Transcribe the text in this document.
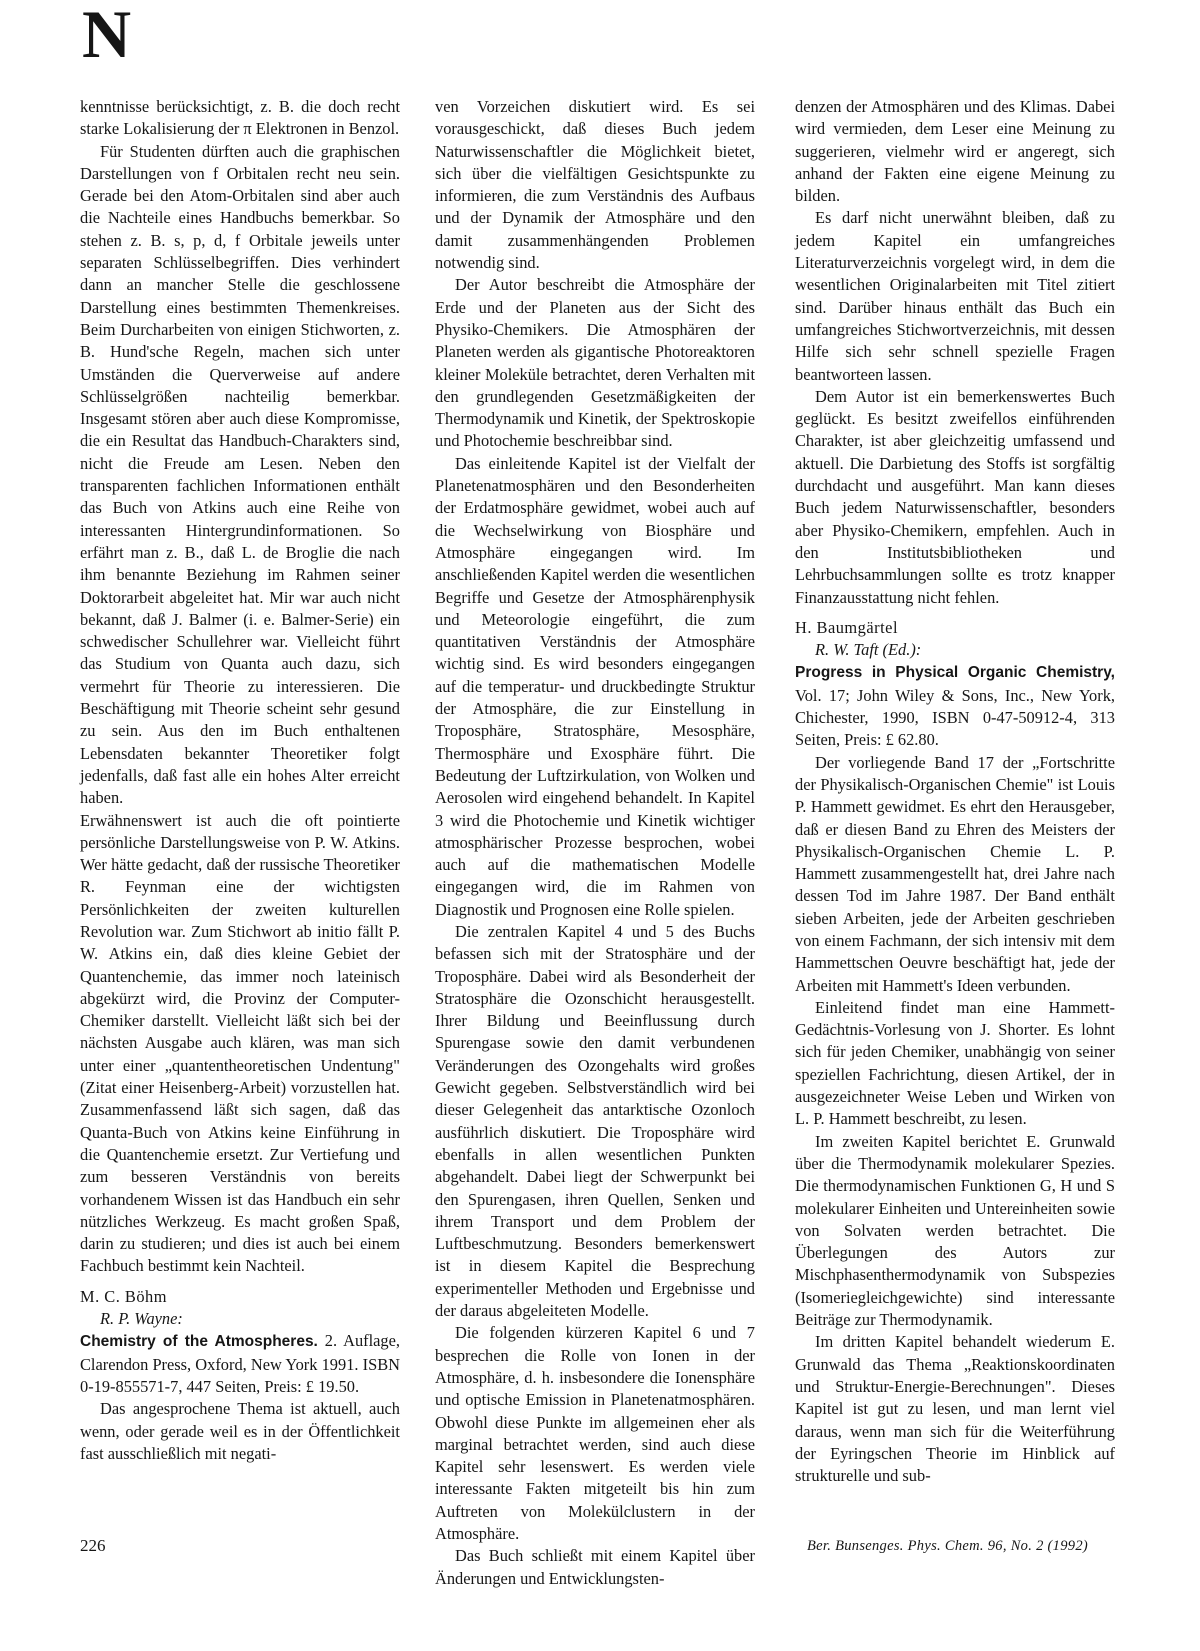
N

kenntnisse berücksichtigt, z. B. die doch recht starke Lokalisierung der π Elektronen in Benzol.

Für Studenten dürften auch die graphischen Darstellungen von f Orbitalen recht neu sein. Gerade bei den Atom-Orbitalen sind aber auch die Nachteile eines Handbuchs bemerkbar. So stehen z. B. s, p, d, f Orbitale jeweils unter separaten Schlüsselbegriffen. Dies verhindert dann an mancher Stelle die geschlossene Darstellung eines bestimmten Themenkreises. Beim Durcharbeiten von einigen Stichworten, z. B. Hund'sche Regeln, machen sich unter Umständen die Querverweise auf andere Schlüsselgrößen nachteilig bemerkbar. Insgesamt stören aber auch diese Kompromisse, die ein Resultat das Handbuch-Charakters sind, nicht die Freude am Lesen. Neben den transparenten fachlichen Informationen enthält das Buch von Atkins auch eine Reihe von interessanten Hintergrundinformationen. So erfährt man z. B., daß L. de Broglie die nach ihm benannte Beziehung im Rahmen seiner Doktorarbeit abgeleitet hat. Mir war auch nicht bekannt, daß J. Balmer (i. e. Balmer-Serie) ein schwedischer Schullehrer war. Vielleicht führt das Studium von Quanta auch dazu, sich vermehrt für Theorie zu interessieren. Die Beschäftigung mit Theorie scheint sehr gesund zu sein. Aus den im Buch enthaltenen Lebensdaten bekannter Theoretiker folgt jedenfalls, daß fast alle ein hohes Alter erreicht haben.

Erwähnenswert ist auch die oft pointierte persönliche Darstellungsweise von P. W. Atkins. Wer hätte gedacht, daß der russische Theoretiker R. Feynman eine der wichtigsten Persönlichkeiten der zweiten kulturellen Revolution war. Zum Stichwort ab initio fällt P. W. Atkins ein, daß dies kleine Gebiet der Quantenchemie, das immer noch lateinisch abgekürzt wird, die Provinz der Computer-Chemiker darstellt. Vielleicht läßt sich bei der nächsten Ausgabe auch klären, was man sich unter einer „quantentheoretischen Undentung" (Zitat einer Heisenberg-Arbeit) vorzustellen hat. Zusammenfassend läßt sich sagen, daß das Quanta-Buch von Atkins keine Einführung in die Quantenchemie ersetzt. Zur Vertiefung und zum besseren Verständnis von bereits vorhandenem Wissen ist das Handbuch ein sehr nützliches Werkzeug. Es macht großen Spaß, darin zu studieren; und dies ist auch bei einem Fachbuch bestimmt kein Nachteil.

M. C. Böhm

R. P. Wayne:
Chemistry of the Atmospheres. 2. Auflage, Clarendon Press, Oxford, New York 1991. ISBN 0-19-855571-7, 447 Seiten, Preis: £ 19.50.

Das angesprochene Thema ist aktuell, auch wenn, oder gerade weil es in der Öffentlichkeit fast ausschließlich mit negati-

ven Vorzeichen diskutiert wird. Es sei vorausgeschickt, daß dieses Buch jedem Naturwissenschaftler die Möglichkeit bietet, sich über die vielfältigen Gesichtspunkte zu informieren, die zum Verständnis des Aufbaus und der Dynamik der Atmosphäre und den damit zusammenhängenden Problemen notwendig sind.

Der Autor beschreibt die Atmosphäre der Erde und der Planeten aus der Sicht des Physiko-Chemikers. Die Atmosphären der Planeten werden als gigantische Photoreaktoren kleiner Moleküle betrachtet, deren Verhalten mit den grundlegenden Gesetzmäßigkeiten der Thermodynamik und Kinetik, der Spektroskopie und Photochemie beschreibbar sind.

Das einleitende Kapitel ist der Vielfalt der Planetenatmosphären und den Besonderheiten der Erdatmosphäre gewidmet, wobei auch auf die Wechselwirkung von Biosphäre und Atmosphäre eingegangen wird. Im anschließenden Kapitel werden die wesentlichen Begriffe und Gesetze der Atmosphärenphysik und Meteorologie eingeführt, die zum quantitativen Verständnis der Atmosphäre wichtig sind. Es wird besonders eingegangen auf die temperatur- und druckbedingte Struktur der Atmosphäre, die zur Einstellung in Troposphäre, Stratosphäre, Mesosphäre, Thermosphäre und Exosphäre führt. Die Bedeutung der Luftzirkulation, von Wolken und Aerosolen wird eingehend behandelt. In Kapitel 3 wird die Photochemie und Kinetik wichtiger atmosphärischer Prozesse besprochen, wobei auch auf die mathematischen Modelle eingegangen wird, die im Rahmen von Diagnostik und Prognosen eine Rolle spielen.

Die zentralen Kapitel 4 und 5 des Buchs befassen sich mit der Stratosphäre und der Troposphäre. Dabei wird als Besonderheit der Stratosphäre die Ozonschicht herausgestellt. Ihrer Bildung und Beeinflussung durch Spurengase sowie den damit verbundenen Veränderungen des Ozongehalts wird großes Gewicht gegeben. Selbstverständlich wird bei dieser Gelegenheit das antarktische Ozonloch ausführlich diskutiert. Die Troposphäre wird ebenfalls in allen wesentlichen Punkten abgehandelt. Dabei liegt der Schwerpunkt bei den Spurengasen, ihren Quellen, Senken und ihrem Transport und dem Problem der Luftbeschmutzung. Besonders bemerkenswert ist in diesem Kapitel die Besprechung experimenteller Methoden und Ergebnisse und der daraus abgeleiteten Modelle.

Die folgenden kürzeren Kapitel 6 und 7 besprechen die Rolle von Ionen in der Atmosphäre, d. h. insbesondere die Ionensphäre und optische Emission in Planetenatmosphären. Obwohl diese Punkte im allgemeinen eher als marginal betrachtet werden, sind auch diese Kapitel sehr lesenswert. Es werden viele interessante Fakten mitgeteilt bis hin zum Auftreten von Molekülclustern in der Atmosphäre.

Das Buch schließt mit einem Kapitel über Änderungen und Entwicklungsten-

denzen der Atmosphären und des Klimas. Dabei wird vermieden, dem Leser eine Meinung zu suggerieren, vielmehr wird er angeregt, sich anhand der Fakten eine eigene Meinung zu bilden.

Es darf nicht unerwähnt bleiben, daß zu jedem Kapitel ein umfangreiches Literaturverzeichnis vorgelegt wird, in dem die wesentlichen Originalarbeiten mit Titel zitiert sind. Darüber hinaus enthält das Buch ein umfangreiches Stichwortverzeichnis, mit dessen Hilfe sich sehr schnell spezielle Fragen beantworteen lassen.

Dem Autor ist ein bemerkenswertes Buch geglückt. Es besitzt zweifellos einführenden Charakter, ist aber gleichzeitig umfassend und aktuell. Die Darbietung des Stoffs ist sorgfältig durchdacht und ausgeführt. Man kann dieses Buch jedem Naturwissenschaftler, besonders aber Physiko-Chemikern, empfehlen. Auch in den Institutsbibliotheken und Lehrbuchsammlungen sollte es trotz knapper Finanzausstattung nicht fehlen.

H. Baumgärtel

R. W. Taft (Ed.):
Progress in Physical Organic Chemistry, Vol. 17; John Wiley & Sons, Inc., New York, Chichester, 1990, ISBN 0-47-50912-4, 313 Seiten, Preis: £ 62.80.

Der vorliegende Band 17 der „Fortschritte der Physikalisch-Organischen Chemie" ist Louis P. Hammett gewidmet. Es ehrt den Herausgeber, daß er diesen Band zu Ehren des Meisters der Physikalisch-Organischen Chemie L. P. Hammett zusammengestellt hat, drei Jahre nach dessen Tod im Jahre 1987. Der Band enthält sieben Arbeiten, jede der Arbeiten geschrieben von einem Fachmann, der sich intensiv mit dem Hammettschen Oeuvre beschäftigt hat, jede der Arbeiten mit Hammett's Ideen verbunden.

Einleitend findet man eine Hammett-Gedächtnis-Vorlesung von J. Shorter. Es lohnt sich für jeden Chemiker, unabhängig von seiner speziellen Fachrichtung, diesen Artikel, der in ausgezeichneter Weise Leben und Wirken von L. P. Hammett beschreibt, zu lesen.

Im zweiten Kapitel berichtet E. Grunwald über die Thermodynamik molekularer Spezies. Die thermodynamischen Funktionen G, H und S molekularer Einheiten und Untereinheiten sowie von Solvaten werden betrachtet. Die Überlegungen des Autors zur Mischphasenthermodynamik von Subspezies (Isomeriegleichgewichte) sind interessante Beiträge zur Thermodynamik.

Im dritten Kapitel behandelt wiederum E. Grunwald das Thema „Reaktionskoordinaten und Struktur-Energie-Berechnungen". Dieses Kapitel ist gut zu lesen, und man lernt viel daraus, wenn man sich für die Weiterführung der Eyringschen Theorie im Hinblick auf strukturelle und sub-

226	Ber. Bunsenges. Phys. Chem. 96, No. 2 (1992)
